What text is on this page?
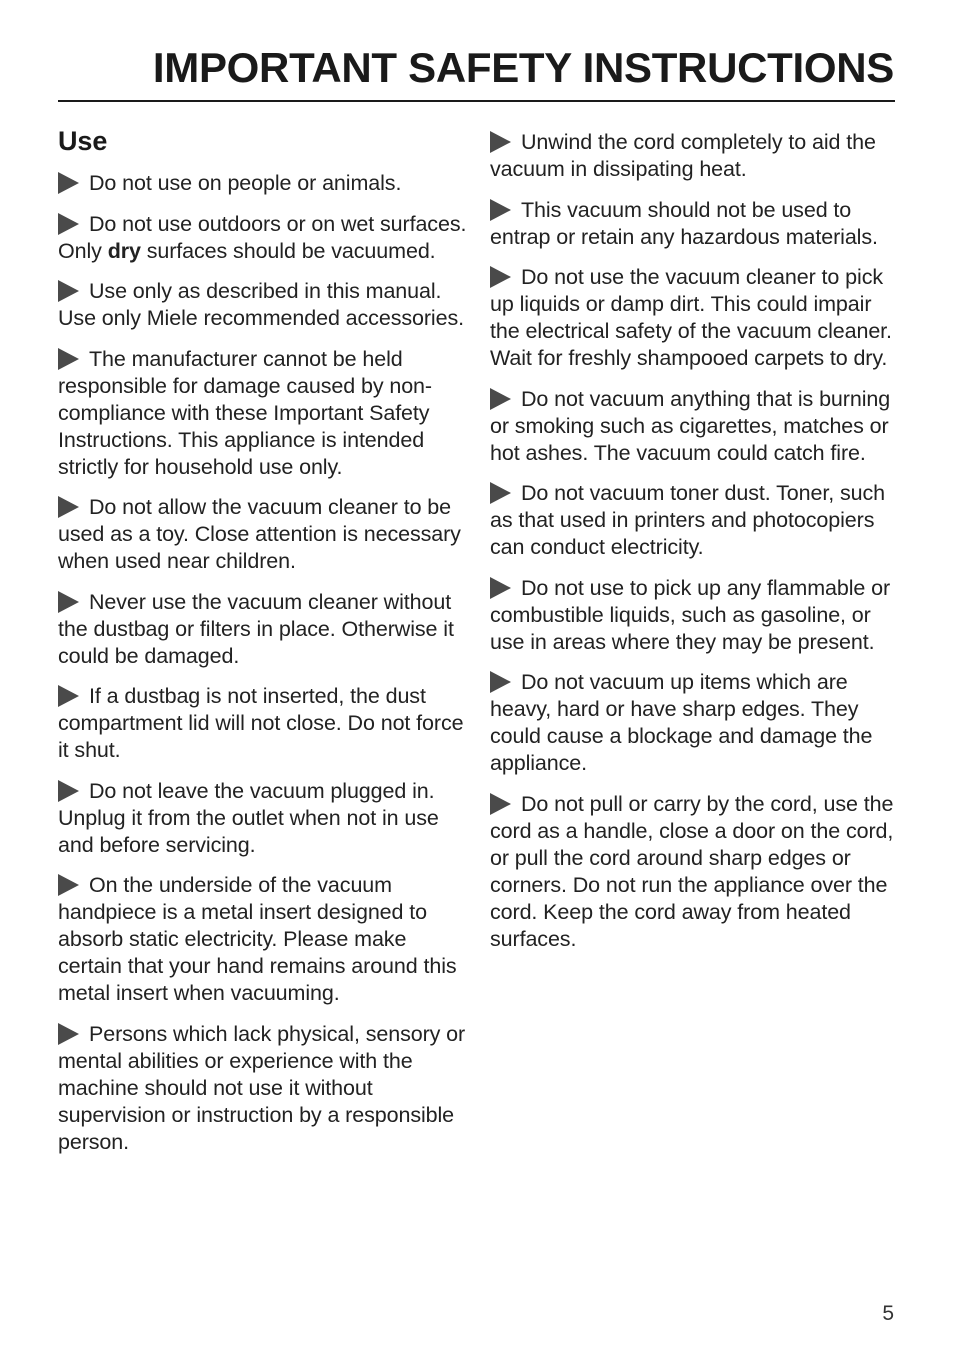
IMPORTANT SAFETY INSTRUCTIONS
Use

Do not use on people or animals.

Do not use outdoors or on wet surfaces. Only dry surfaces should be vacuumed.

Use only as described in this manual. Use only Miele recommended accessories.

The manufacturer cannot be held responsible for damage caused by non-compliance with these Important Safety Instructions. This appliance is intended strictly for household use only.

Do not allow the vacuum cleaner to be used as a toy. Close attention is necessary when used near children.

Never use the vacuum cleaner without the dustbag or filters in place. Otherwise it could be damaged.

If a dustbag is not inserted, the dust compartment lid will not close. Do not force it shut.

Do not leave the vacuum plugged in. Unplug it from the outlet when not in use and before servicing.

On the underside of the vacuum handpiece is a metal insert designed to absorb static electricity. Please make certain that your hand remains around this metal insert when vacuuming.

Persons which lack physical, sensory or mental abilities or experience with the machine should not use it without supervision or instruction by a responsible person.

Unwind the cord completely to aid the vacuum in dissipating heat.

This vacuum should not be used to entrap or retain any hazardous materials.

Do not use the vacuum cleaner to pick up liquids or damp dirt. This could impair the electrical safety of the vacuum cleaner. Wait for freshly shampooed carpets to dry.

Do not vacuum anything that is burning or smoking such as cigarettes, matches or hot ashes. The vacuum could catch fire.

Do not vacuum toner dust. Toner, such as that used in printers and photocopiers can conduct electricity.

Do not use to pick up any flammable or combustible liquids, such as gasoline, or use in areas where they may be present.

Do not vacuum up items which are heavy, hard or have sharp edges. They could cause a blockage and damage the appliance.

Do not pull or carry by the cord, use the cord as a handle, close a door on the cord, or pull the cord around sharp edges or corners. Do not run the appliance over the cord. Keep the cord away from heated surfaces.

5
